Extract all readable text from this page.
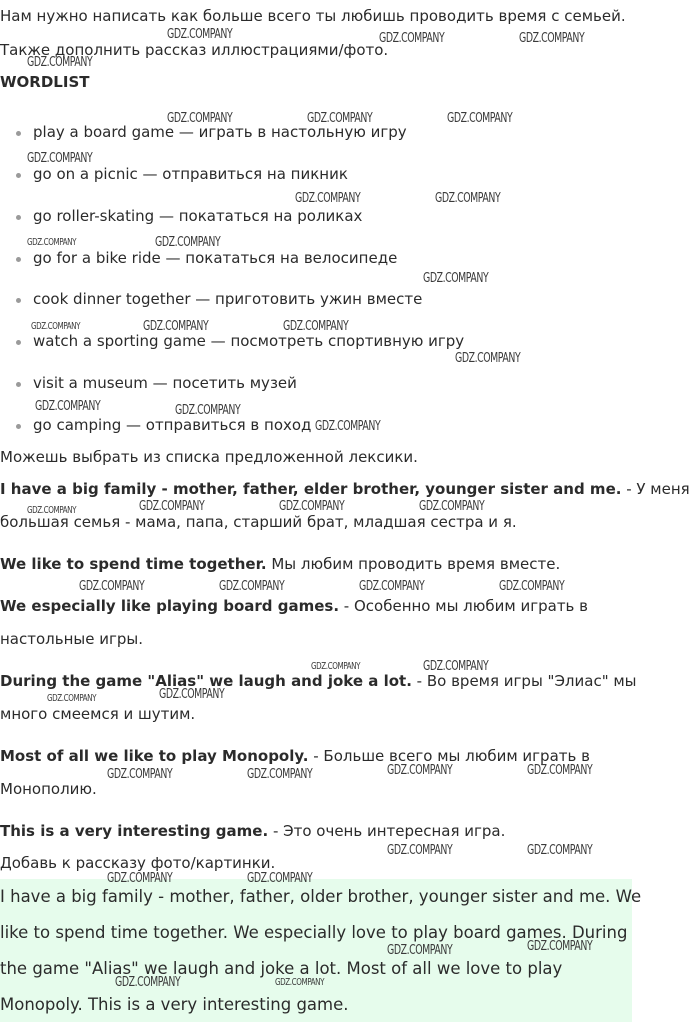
Нам нужно написать как больше всего ты любишь проводить время с семьей.
Также дополнить рассказ иллюстрациями/фото.
WORDLIST
play a board game — играть в настольную игру
go on a picnic — отправиться на пикник
go roller-skating — покататься на роликах
go for a bike ride — покататься на велосипеде
cook dinner together — приготовить ужин вместе
watch a sporting game — посмотреть спортивную игру
visit a museum — посетить музей
go camping — отправиться в поход
Можешь выбрать из списка предложенной лексики.
I have a big family - mother, father, elder brother, younger sister and me. - У меня
большая семья - мама, папа, старший брат, младшая сестра и я.
We like to spend time together. Мы любим проводить время вместе.
We especially like playing board games. - Особенно мы любим играть в
настольные игры.
During the game "Alias" we laugh and joke a lot. - Во время игры "Элиас" мы
много смеемся и шутим.
Most of all we like to play Monopoly. - Больше всего мы любим играть в
Монополию.
This is a very interesting game. - Это очень интересная игра.
Добавь к рассказу фото/картинки.
I have a big family - mother, father, older brother, younger sister and me. We
like to spend time together. We especially love to play board games. During
the game "Alias" we laugh and joke a lot. Most of all we love to play
Monopoly. This is a very interesting game.
GDZ.COMPANY	GDZ.COMPANY	GDZ.COMPANY
GDZ.COMPANY
GDZ.COMPANY	GDZ.COMPANY	GDZ.COMPANY
GDZ.COMPANY
GDZ.COMPANY	GDZ.COMPANY
GDZ.COMPANY	GDZ.COMPANY
GDZ.COMPANY
GDZ.COMPANY	GDZ.COMPANY	GDZ.COMPANY
GDZ.COMPANY
GDZ.COMPANY	GDZ.COMPANY
GDZ.COMPANY
GDZ.COMPANY	GDZ.COMPANY	GDZ.COMPANY	GDZ.COMPANY
GDZ.COMPANY	GDZ.COMPANY	GDZ.COMPANY	GDZ.COMPANY
GDZ.COMPANY	GDZ.COMPANY
GDZ.COMPANY	GDZ.COMPANY
GDZ.COMPANY	GDZ.COMPANY
GDZ.COMPANY	GDZ.COMPANY
GDZ.COMPANY	GDZ.COMPANY
GDZ.COMPANY	GDZ.COMPANY
GDZ.COMPANY	GDZ.COMPANY
GDZ.COMPANY	GDZ.COMPANY
